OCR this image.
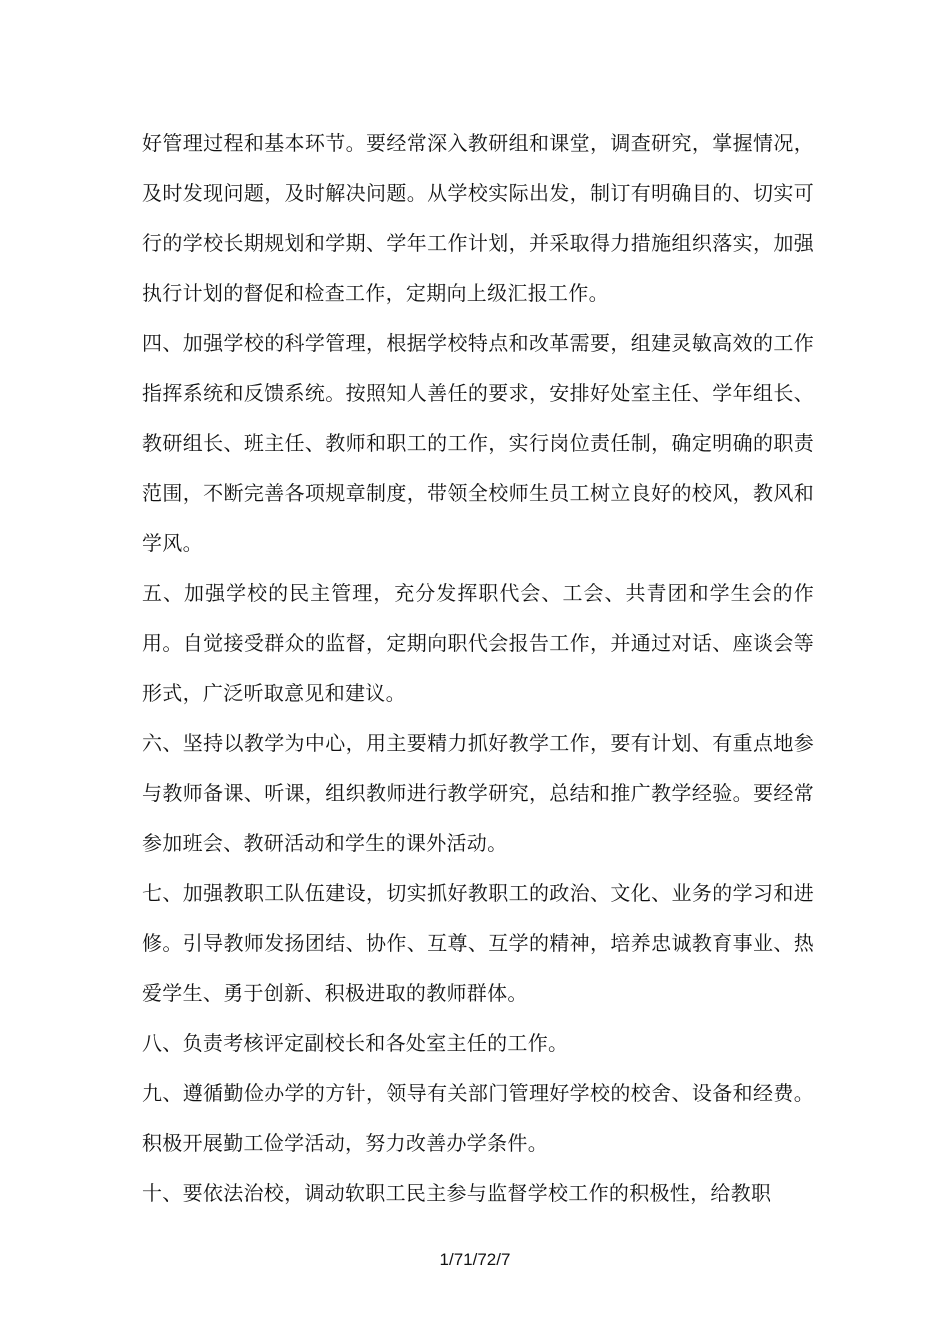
好管理过程和基本环节。要经常深入教研组和课堂，调查研究，掌握情况，及时发现问题，及时解决问题。从学校实际出发，制订有明确目的、切实可行的学校长期规划和学期、学年工作计划，并采取得力措施组织落实，加强执行计划的督促和检查工作，定期向上级汇报工作。

四、加强学校的科学管理，根据学校特点和改革需要，组建灵敏高效的工作指挥系统和反馈系统。按照知人善任的要求，安排好处室主任、学年组长、教研组长、班主任、教师和职工的工作，实行岗位责任制，确定明确的职责范围，不断完善各项规章制度，带领全校师生员工树立良好的校风，教风和学风。

五、加强学校的民主管理，充分发挥职代会、工会、共青团和学生会的作用。自觉接受群众的监督，定期向职代会报告工作，并通过对话、座谈会等形式，广泛听取意见和建议。

六、坚持以教学为中心，用主要精力抓好教学工作，要有计划、有重点地参与教师备课、听课，组织教师进行教学研究，总结和推广教学经验。要经常参加班会、教研活动和学生的课外活动。

七、加强教职工队伍建设，切实抓好教职工的政治、文化、业务的学习和进修。引导教师发扬团结、协作、互尊、互学的精神，培养忠诚教育事业、热爱学生、勇于创新、积极进取的教师群体。

八、负责考核评定副校长和各处室主任的工作。

九、遵循勤俭办学的方针，领导有关部门管理好学校的校舍、设备和经费。积极开展勤工俭学活动，努力改善办学条件。

十、要依法治校，调动软职工民主参与监督学校工作的积极性，给教职

1/71/72/7
